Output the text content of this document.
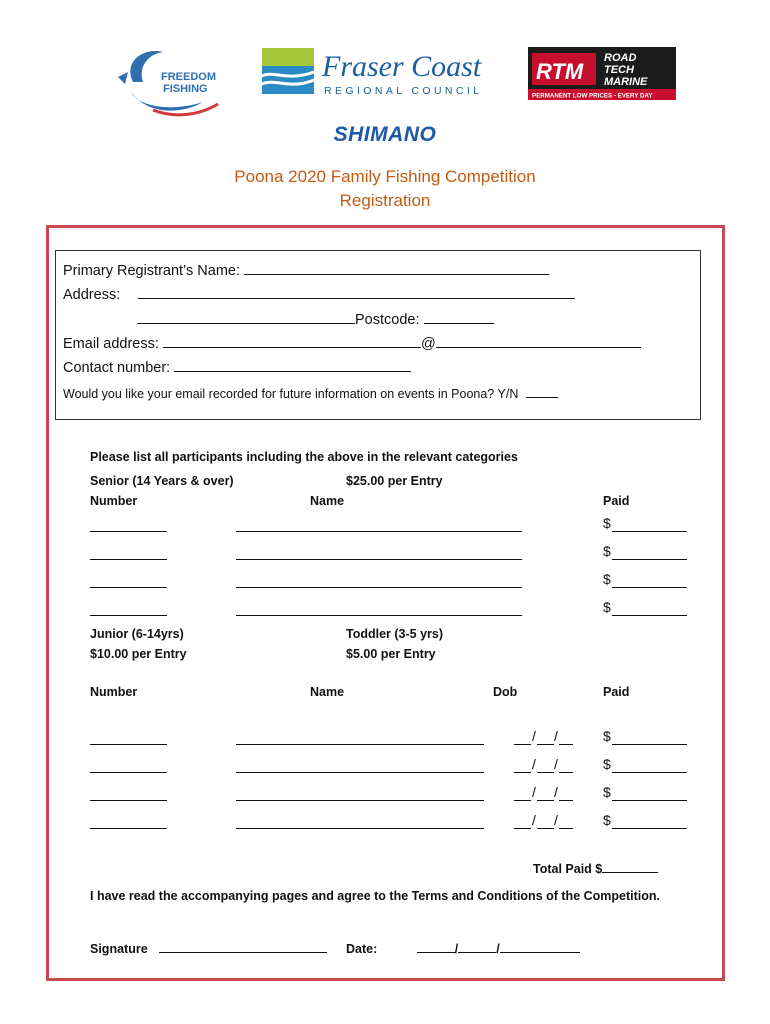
FREEDOM
FISHING
Fraser Coast
REGIONAL COUNCIL
RTM
ROAD
TECH
MARINE
PERMANENT LOW PRICES - EVERY DAY
SHIMANO
Poona 2020 Family Fishing Competition
Registration
Primary Registrant’s Name:
Address:
Postcode:
Email address:	@
Contact number:
Would you like your email recorded for future information on events in Poona? Y/N
Please list all participants including the above in the relevant categories
Senior (14 Years & over)	$25.00 per Entry
Number	Name	Paid
$
$
$
$
Junior (6-14yrs)
$10.00 per Entry
Toddler (3-5 yrs)
$5.00 per Entry
Number	Name	Dob	Paid
/ /	$
/ /	$
/ /	$
/ /	$
Total Paid $
I have read the accompanying pages and agree to the Terms and Conditions of the Competition.
Signature	Date:	/	/
